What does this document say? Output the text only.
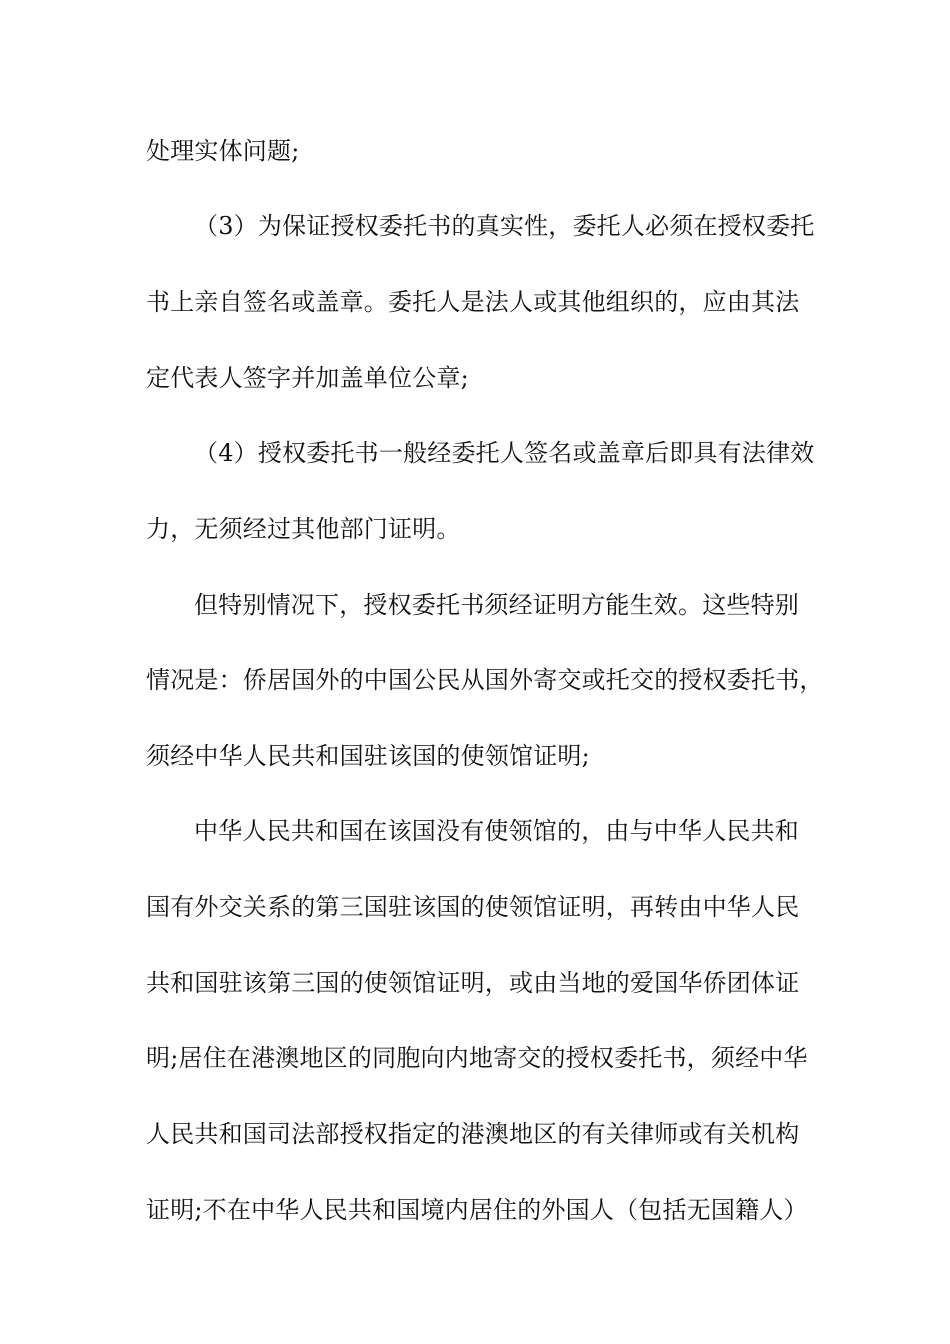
处理实体问题;
（3）为保证授权委托书的真实性，委托人必须在授权委托
书上亲自签名或盖章。委托人是法人或其他组织的，应由其法
定代表人签字并加盖单位公章;
（4）授权委托书一般经委托人签名或盖章后即具有法律效
力，无须经过其他部门证明。
但特别情况下，授权委托书须经证明方能生效。这些特别
情况是：侨居国外的中国公民从国外寄交或托交的授权委托书，
须经中华人民共和国驻该国的使领馆证明;
中华人民共和国在该国没有使领馆的，由与中华人民共和
国有外交关系的第三国驻该国的使领馆证明，再转由中华人民
共和国驻该第三国的使领馆证明，或由当地的爱国华侨团体证
明;居住在港澳地区的同胞向内地寄交的授权委托书，须经中华
人民共和国司法部授权指定的港澳地区的有关律师或有关机构
证明;不在中华人民共和国境内居住的外国人（包括无国籍人）
